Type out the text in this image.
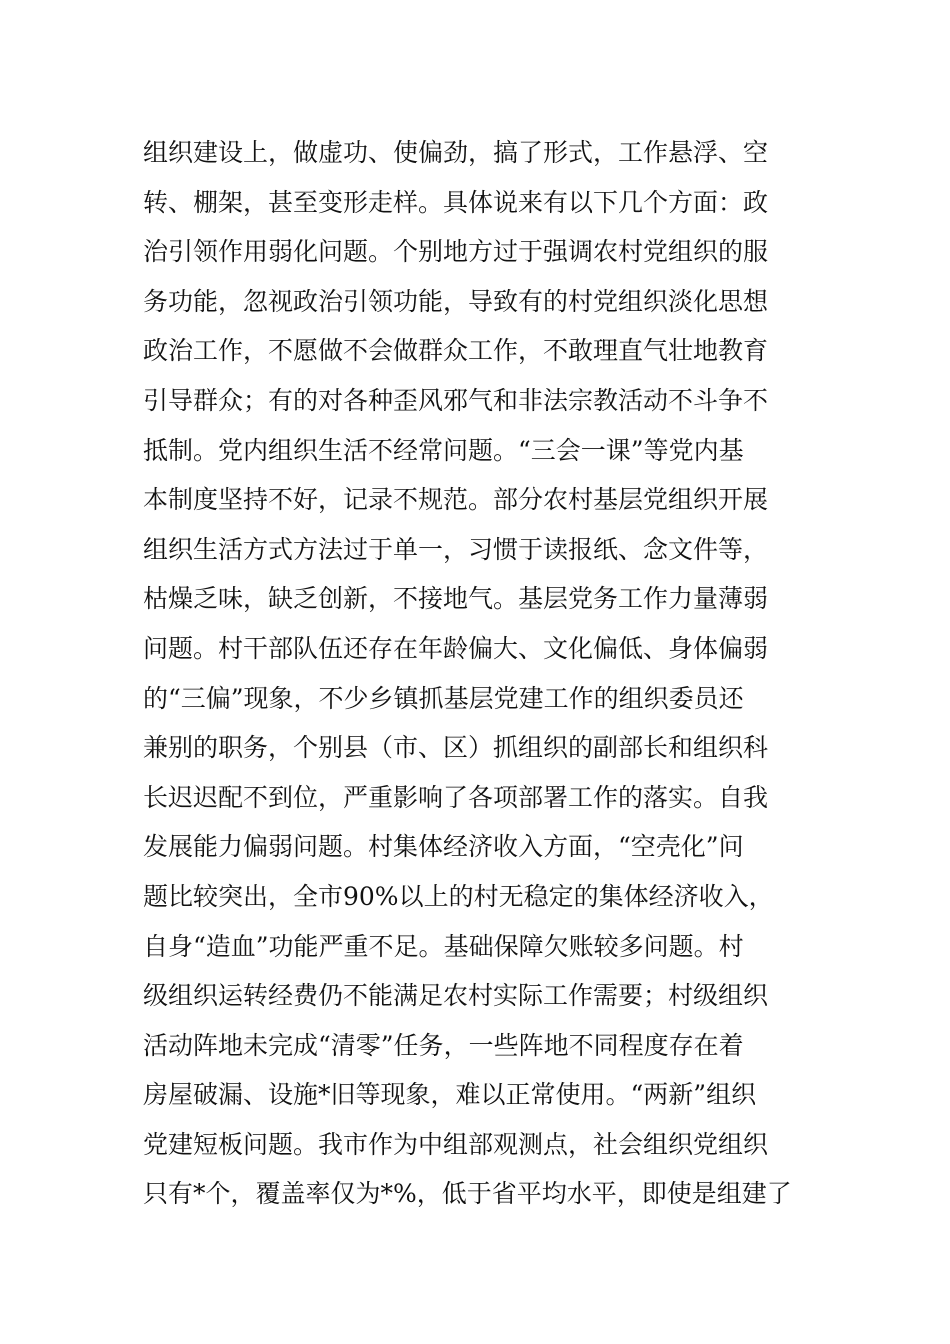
组织建设上，做虚功、使偏劲，搞了形式，工作悬浮、空
转、棚架，甚至变形走样。具体说来有以下几个方面：政
治引领作用弱化问题。个别地方过于强调农村党组织的服
务功能，忽视政治引领功能，导致有的村党组织淡化思想
政治工作，不愿做不会做群众工作，不敢理直气壮地教育
引导群众；有的对各种歪风邪气和非法宗教活动不斗争不
抵制。党内组织生活不经常问题。“三会一课”等党内基
本制度坚持不好，记录不规范。部分农村基层党组织开展
组织生活方式方法过于单一，习惯于读报纸、念文件等，
枯燥乏味，缺乏创新，不接地气。基层党务工作力量薄弱
问题。村干部队伍还存在年龄偏大、文化偏低、身体偏弱
的“三偏”现象，不少乡镇抓基层党建工作的组织委员还
兼别的职务，个别县（市、区）抓组织的副部长和组织科
长迟迟配不到位，严重影响了各项部署工作的落实。自我
发展能力偏弱问题。村集体经济收入方面，“空壳化”问
题比较突出，全市90%以上的村无稳定的集体经济收入，
自身“造血”功能严重不足。基础保障欠账较多问题。村
级组织运转经费仍不能满足农村实际工作需要；村级组织
活动阵地未完成“清零”任务，一些阵地不同程度存在着
房屋破漏、设施*旧等现象，难以正常使用。“两新”组织
党建短板问题。我市作为中组部观测点，社会组织党组织
只有*个，覆盖率仅为*%，低于省平均水平，即使是组建了
